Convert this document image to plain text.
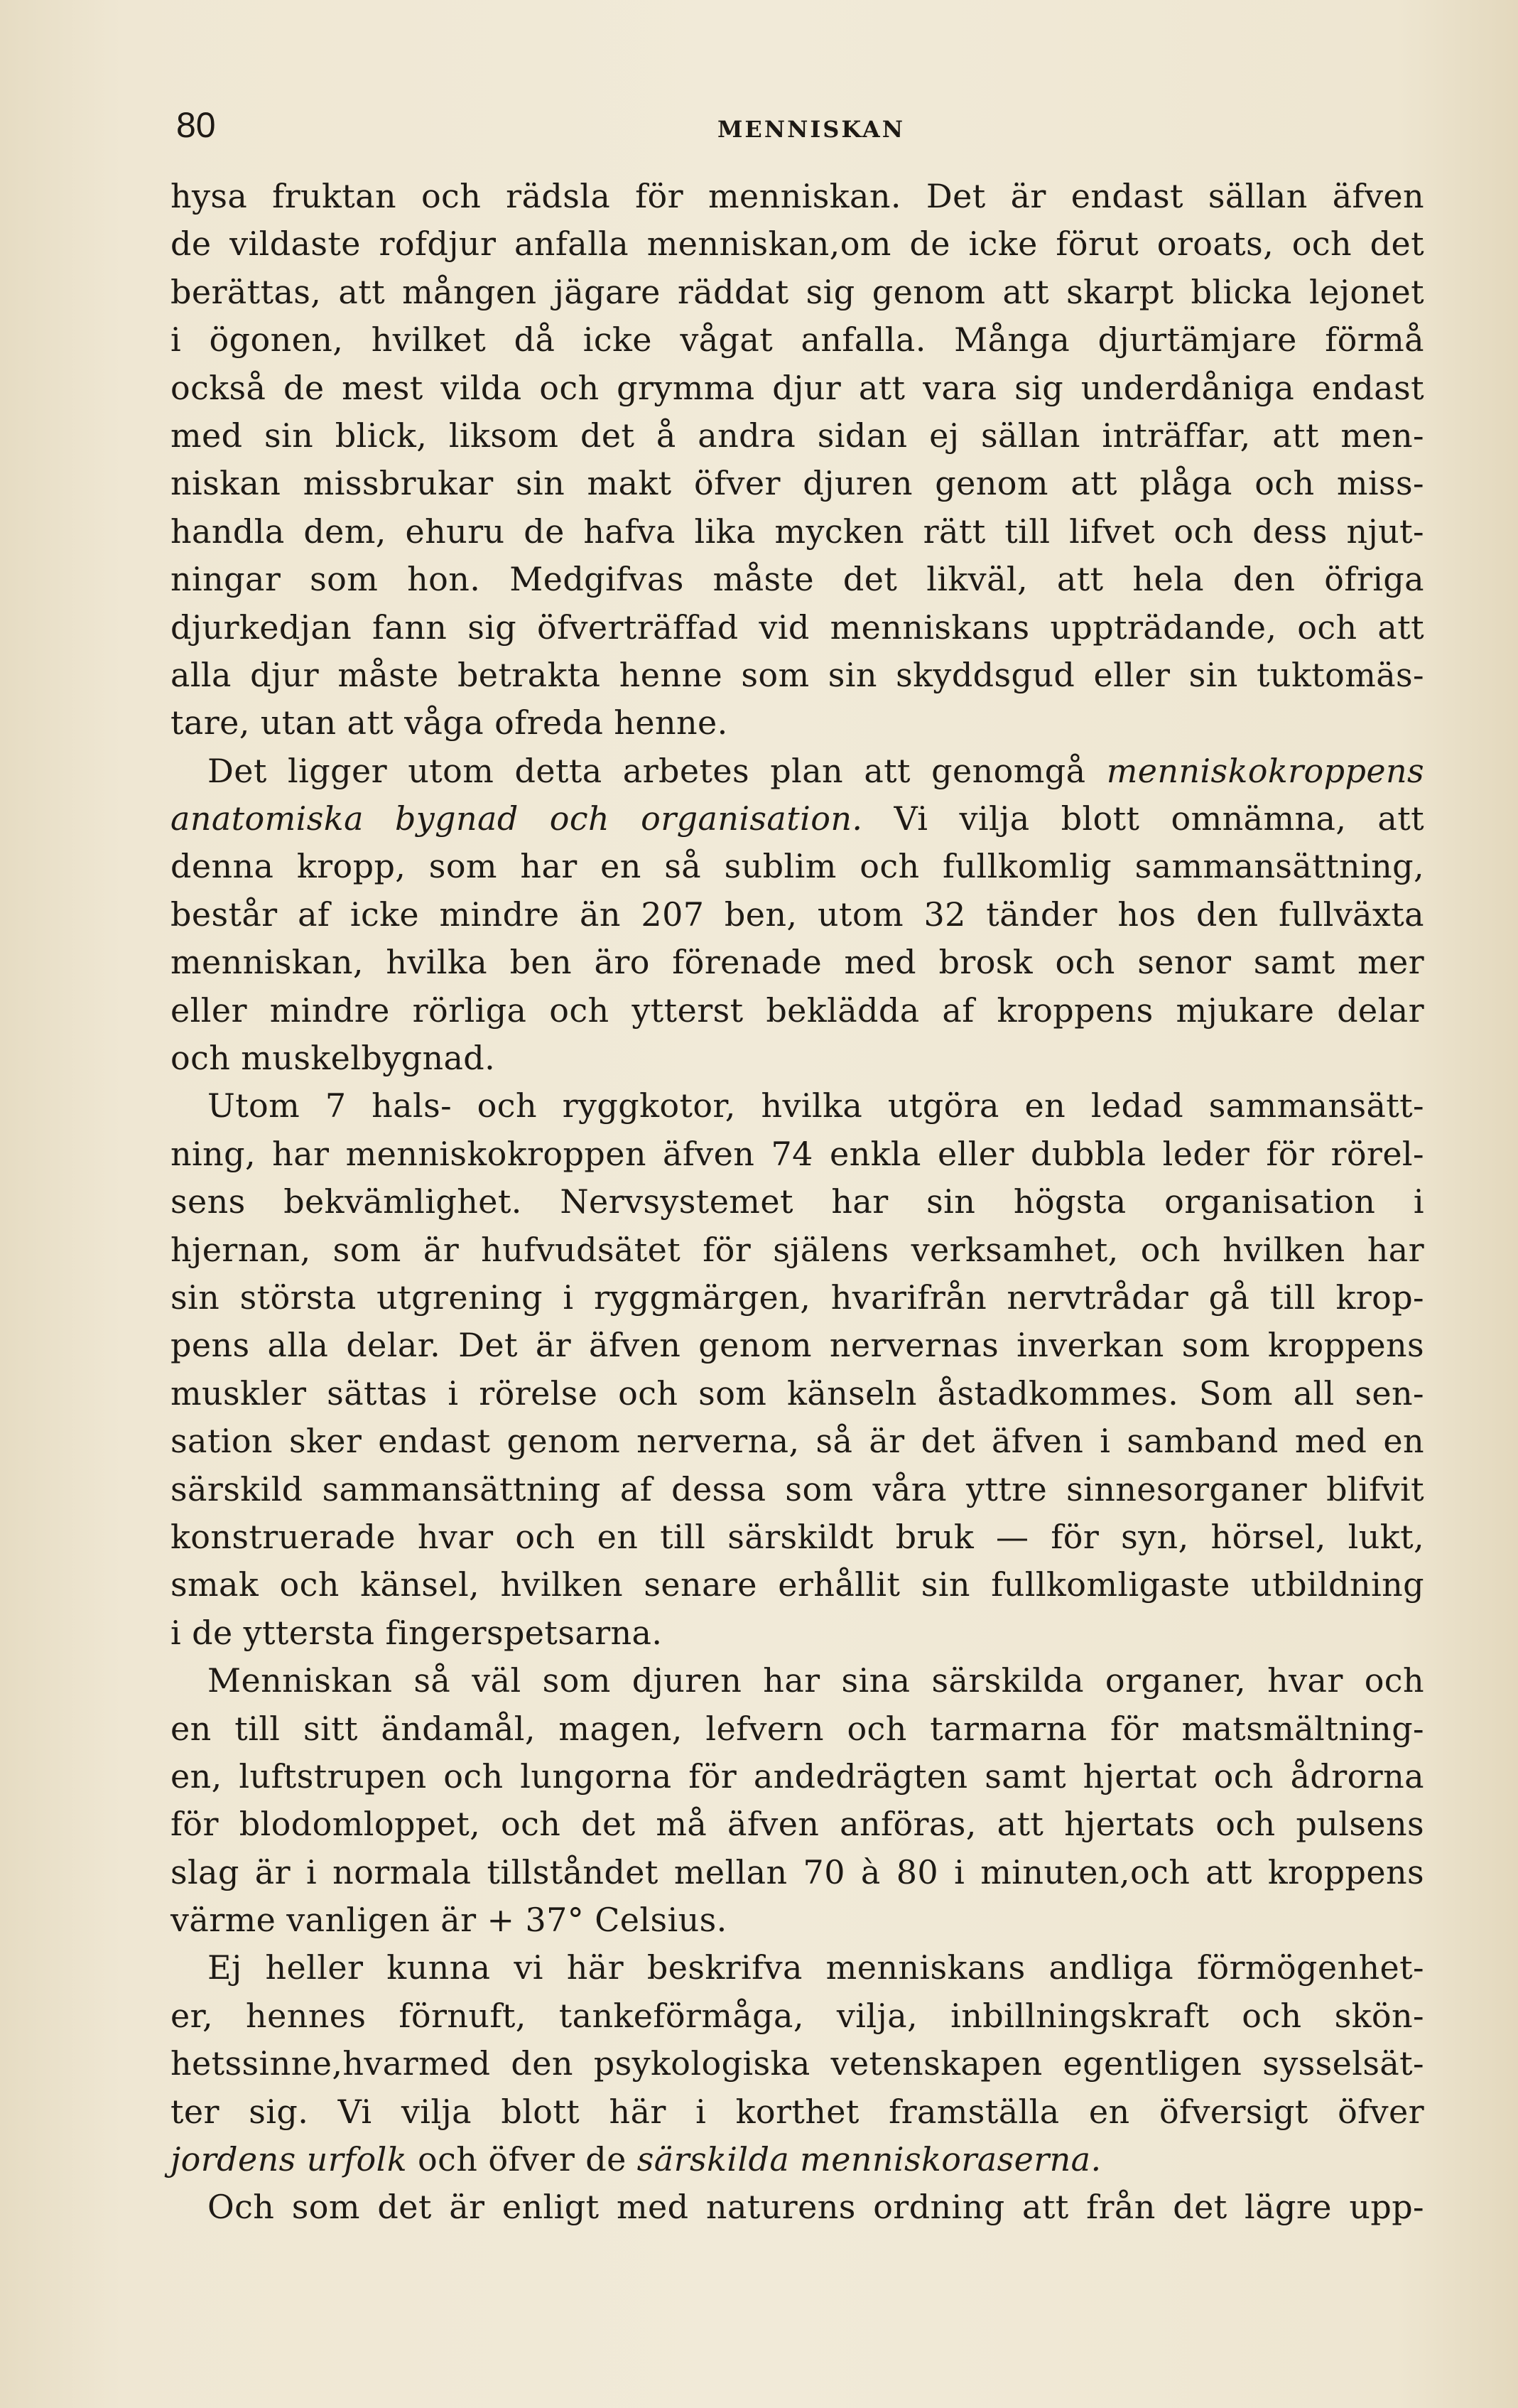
80	MENNISKAN
hysa fruktan och rädsla för menniskan. Det är endast sällan äfven
de vildaste rofdjur anfalla menniskan,om de icke förut oroats, och det
berättas, att mången jägare räddat sig genom att skarpt blicka lejonet
i ögonen, hvilket då icke vågat anfalla. Många djurtämjare förmå
också de mest vilda och grymma djur att vara sig underdåniga endast
med sin blick, liksom det å andra sidan ej sällan inträffar, att men-
niskan missbrukar sin makt öfver djuren genom att plåga och miss-
handla dem, ehuru de hafva lika mycken rätt till lifvet och dess njut-
ningar som hon. Medgifvas måste det likväl, att hela den öfriga
djurkedjan fann sig öfverträffad vid menniskans uppträdande, och att
alla djur måste betrakta henne som sin skyddsgud eller sin tuktomäs-
tare, utan att våga ofreda henne.
Det ligger utom detta arbetes plan att genomgå menniskokroppens
anatomiska bygnad och organisation. Vi vilja blott omnämna, att
denna kropp, som har en så sublim och fullkomlig sammansättning,
består af icke mindre än 207 ben, utom 32 tänder hos den fullväxta
menniskan, hvilka ben äro förenade med brosk och senor samt mer
eller mindre rörliga och ytterst beklädda af kroppens mjukare delar
och muskelbygnad.
Utom 7 hals- och ryggkotor, hvilka utgöra en ledad sammansätt-
ning, har menniskokroppen äfven 74 enkla eller dubbla leder för rörel-
sens bekvämlighet. Nervsystemet har sin högsta organisation i
hjernan, som är hufvudsätet för själens verksamhet, och hvilken har
sin största utgrening i ryggmärgen, hvarifrån nervtrådar gå till krop-
pens alla delar. Det är äfven genom nervernas inverkan som kroppens
muskler sättas i rörelse och som känseln åstadkommes. Som all sen-
sation sker endast genom nerverna, så är det äfven i samband med en
särskild sammansättning af dessa som våra yttre sinnesorganer blifvit
konstruerade hvar och en till särskildt bruk — för syn, hörsel, lukt,
smak och känsel, hvilken senare erhållit sin fullkomligaste utbildning
i de yttersta fingerspetsarna.
Menniskan så väl som djuren har sina särskilda organer, hvar och
en till sitt ändamål, magen, lefvern och tarmarna för matsmältning-
en, luftstrupen och lungorna för andedrägten samt hjertat och ådrorna
för blodomloppet, och det må äfven anföras, att hjertats och pulsens
slag är i normala tillståndet mellan 70 à 80 i minuten,och att kroppens
värme vanligen är + 37° Celsius.
Ej heller kunna vi här beskrifva menniskans andliga förmögenhet-
er, hennes förnuft, tankeförmåga, vilja, inbillningskraft och skön-
hetssinne,hvarmed den psykologiska vetenskapen egentligen sysselsät-
ter sig. Vi vilja blott här i korthet framställa en öfversigt öfver
jordens urfolk och öfver de särskilda menniskoraserna.
Och som det är enligt med naturens ordning att från det lägre upp-
